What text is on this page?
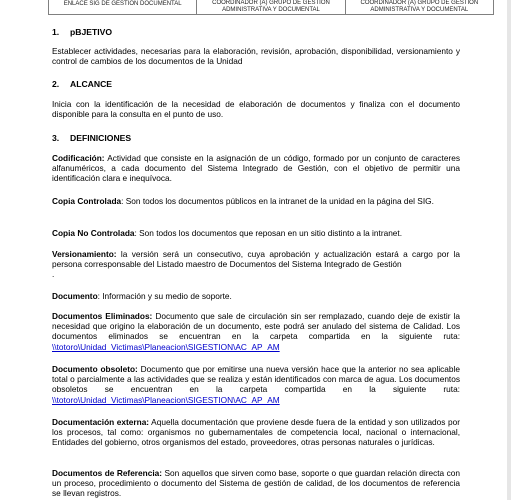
ENLACE SIG DE GESTIÓN DOCUMENTAL	COORDINADOR (A) GRUPO DE GESTIÓN ADMINISTRATIVA Y DOCUMENTAL	COORDINADOR (A) GRUPO DE GESTIÓN ADMINISTRATIVA Y DOCUMENTAL
1. pBJETIVO

Establecer actividades, necesarias para la elaboración, revisión, aprobación, disponibilidad, versionamiento y control de cambios de los documentos de la Unidad

2. ALCANCE

Inicia con la identificación de la necesidad de elaboración de documentos y finaliza con el documento disponible para la consulta en el punto de uso.

3. DEFINICIONES

Codificación: Actividad que consiste en la asignación de un código, formado por un conjunto de caracteres alfanuméricos, a cada documento del Sistema Integrado de Gestión, con el objetivo de permitir una identificación clara e inequívoca.

Copia Controlada: Son todos los documentos públicos en la intranet de la unidad en la página del SIG.

Copia No Controlada: Son todos los documentos que reposan en un sitio distinto a la intranet.

Versionamiento: la versión será un consecutivo, cuya aprobación y actualización estará a cargo por la persona corresponsable del Listado maestro de Documentos del Sistema Integrado de Gestión

.

Documento: Información y su medio de soporte.

Documentos Eliminados: Documento que sale de circulación sin ser remplazado, cuando deje de existir la necesidad que origino la elaboración de un documento, este podrá ser anulado del sistema de Calidad. Los documentos eliminados se encuentran en la carpeta compartida en la siguiente ruta: \\totoro\Unidad_Victimas\Planeacion\SIGESTION\AC_AP_AM

Documento obsoleto: Documento que por emitirse una nueva versión hace que la anterior no sea aplicable total o parcialmente a las actividades que se realiza y están identificados con marca de agua. Los documentos obsoletos se encuentran en la carpeta compartida en la siguiente ruta: \\totoro\Unidad_Victimas\Planeacion\SIGESTION\AC_AP_AM

Documentación externa: Aquella documentación que proviene desde fuera de la entidad y son utilizados por los procesos, tal como: organismos no gubernamentales de competencia local, nacional o internacional, Entidades del gobierno, otros organismos del estado, proveedores, otras personas naturales o jurídicas.

Documentos de Referencia: Son aquellos que sirven como base, soporte o que guardan relación directa con un proceso, procedimiento o documento del Sistema de gestión de calidad, de los documentos de referencia se llevan registros.
